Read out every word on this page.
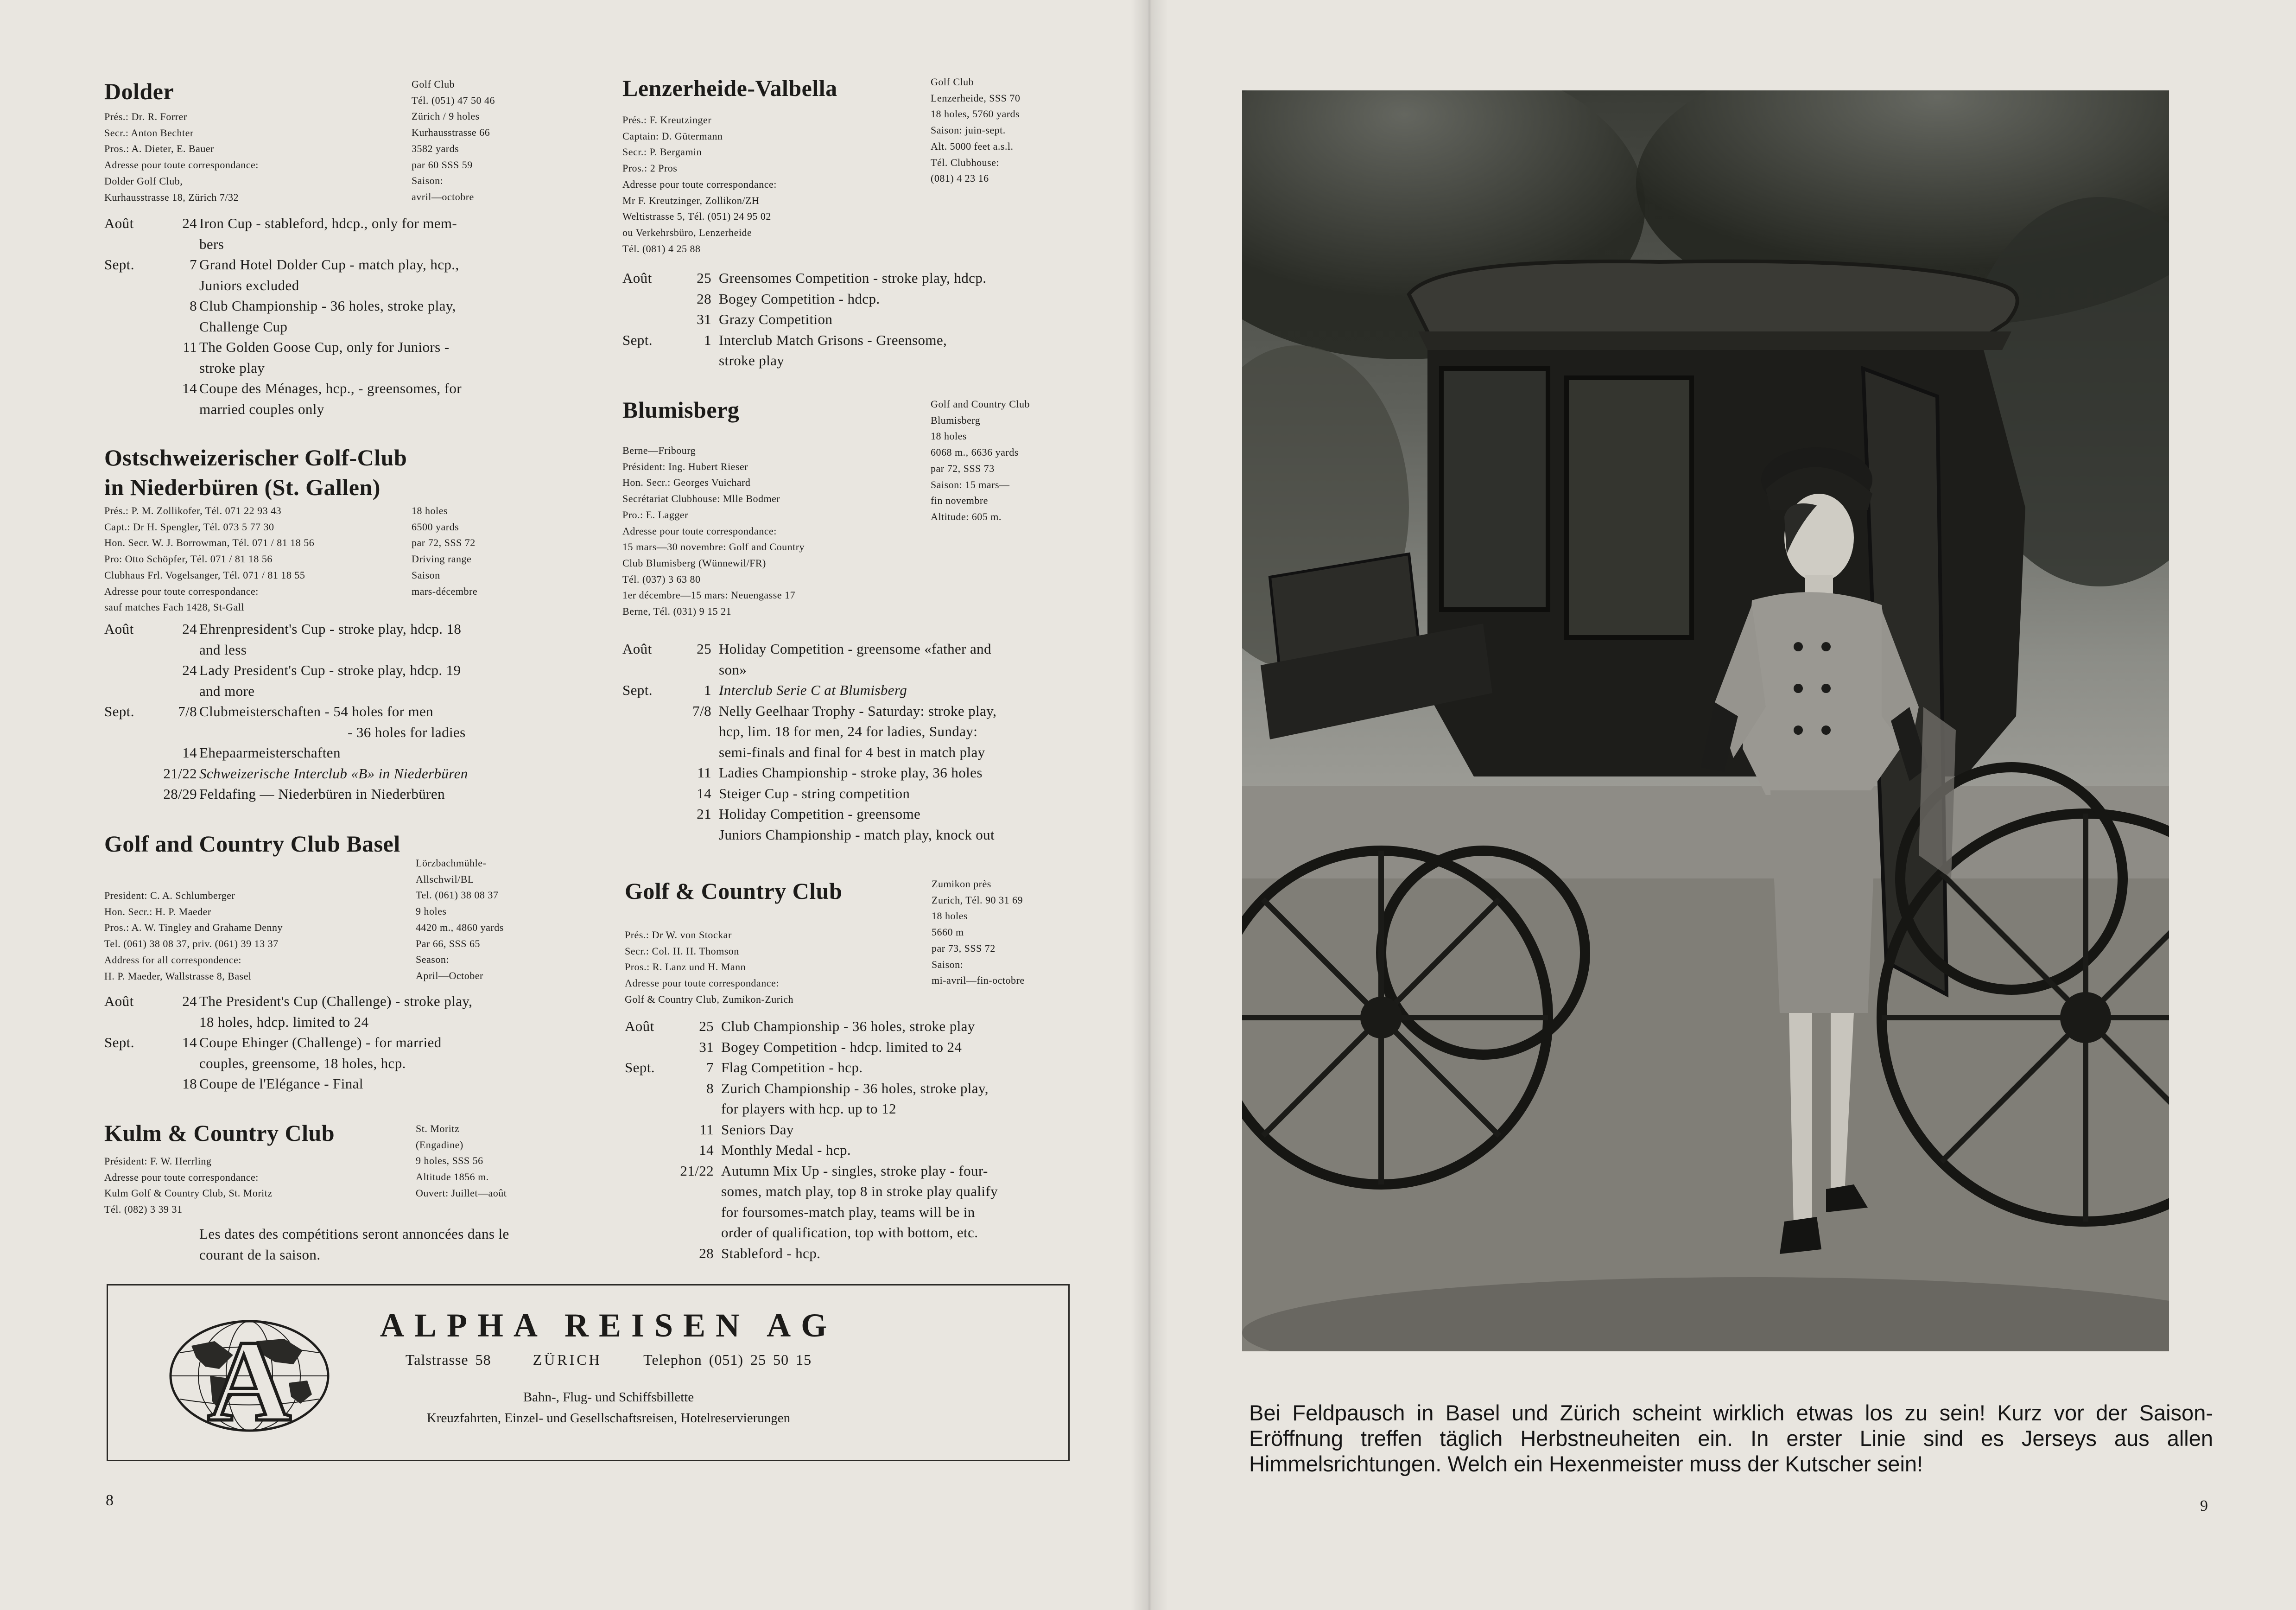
Dolder	Golf Club
Tél. (051) 47 50 46
Zürich / 9 holes
Kurhausstrasse 66
3582 yards
par 60 SSS 59
Saison:
avril—octobre
Prés.: Dr. R. Forrer
Secr.: Anton Bechter
Pros.: A. Dieter, E. Bauer
Adresse pour toute correspondance:
Dolder Golf Club,
Kurhausstrasse 18, Zürich 7/32
Août	24 Iron Cup - stableford, hdcp., only for mem-
bers
Sept.	7 Grand Hotel Dolder Cup - match play, hcp.,
Juniors excluded
8 Club Championship - 36 holes, stroke play,
Challenge Cup
11 The Golden Goose Cup, only for Juniors -
stroke play
14 Coupe des Ménages, hcp., - greensomes, for
married couples only
Ostschweizerischer Golf-Club
in Niederbüren (St. Gallen)
Prés.: P. M. Zollikofer, Tél. 071 22 93 43
Capt.: Dr H. Spengler, Tél. 073 5 77 30
Hon. Secr. W. J. Borrowman, Tél. 071 / 81 18 56
Pro: Otto Schöpfer, Tél. 071 / 81 18 56
Clubhaus Frl. Vogelsanger, Tél. 071 / 81 18 55
Adresse pour toute correspondance:
sauf matches Fach 1428, St-Gall
18 holes
6500 yards
par 72, SSS 72
Driving range
Saison
mars-décembre
Août	24 Ehrenpresident's Cup - stroke play, hdcp. 18
and less
24 Lady President's Cup - stroke play, hdcp. 19
and more
Sept.	7/8 Clubmeisterschaften - 54 holes for men
- 36 holes for ladies
14 Ehepaarmeisterschaften
21/22 Schweizerische Interclub «B» in Niederbüren
28/29 Feldafing — Niederbüren in Niederbüren
Golf and Country Club Basel
Lörzbachmühle-
Allschwil/BL
Tel. (061) 38 08 37
9 holes
4420 m., 4860 yards
Par 66, SSS 65
Season:
April—October
President: C. A. Schlumberger
Hon. Secr.: H. P. Maeder
Pros.: A. W. Tingley and Grahame Denny
Tel. (061) 38 08 37, priv. (061) 39 13 37
Address for all correspondence:
H. P. Maeder, Wallstrasse 8, Basel
Août	24 The President's Cup (Challenge) - stroke play,
18 holes, hdcp. limited to 24
Sept.	14 Coupe Ehinger (Challenge) - for married
couples, greensome, 18 holes, hcp.
18 Coupe de l'Elégance - Final
Kulm & Country Club	St. Moritz
(Engadine)
9 holes, SSS 56
Altitude 1856 m.
Ouvert: Juillet—août
Président: F. W. Herrling
Adresse pour toute correspondance:
Kulm Golf & Country Club, St. Moritz
Tél. (082) 3 39 31
Les dates des compétitions seront annoncées dans le
courant de la saison.
Lenzerheide-Valbella	Golf Club
Lenzerheide, SSS 70
18 holes, 5760 yards
Saison: juin-sept.
Alt. 5000 feet a.s.l.
Tél. Clubhouse:
(081) 4 23 16
Prés.: F. Kreutzinger
Captain: D. Gütermann
Secr.: P. Bergamin
Pros.: 2 Pros
Adresse pour toute correspondance:
Mr F. Kreutzinger, Zollikon/ZH
Weltistrasse 5, Tél. (051) 24 95 02
ou Verkehrsbüro, Lenzerheide
Tél. (081) 4 25 88
Août	25 Greensomes Competition - stroke play, hdcp.
28 Bogey Competition - hdcp.
31 Grazy Competition
Sept.	1 Interclub Match Grisons - Greensome,
stroke play
Blumisberg	Golf and Country Club
Blumisberg
18 holes
6068 m., 6636 yards
par 72, SSS 73
Saison: 15 mars—
fin novembre
Altitude: 605 m.
Berne—Fribourg
Président: Ing. Hubert Rieser
Hon. Secr.: Georges Vuichard
Secrétariat Clubhouse: Mlle Bodmer
Pro.: E. Lagger
Adresse pour toute correspondance:
15 mars—30 novembre: Golf and Country
Club Blumisberg (Wünnewil/FR)
Tél. (037) 3 63 80
1er décembre—15 mars: Neuengasse 17
Berne, Tél. (031) 9 15 21
Août	25 Holiday Competition - greensome «father and
son»
Sept.	1 Interclub Serie C at Blumisberg
7/8 Nelly Geelhaar Trophy - Saturday: stroke play,
hcp, lim. 18 for men, 24 for ladies, Sunday:
semi-finals and final for 4 best in match play
11 Ladies Championship - stroke play, 36 holes
14 Steiger Cup - string competition
21 Holiday Competition - greensome
Juniors Championship - match play, knock out
Golf & Country Club	Zumikon près
Zurich, Tél. 90 31 69
18 holes
5660 m
par 73, SSS 72
Saison:
mi-avril—fin-octobre
Prés.: Dr W. von Stockar
Secr.: Col. H. H. Thomson
Pros.: R. Lanz und H. Mann
Adresse pour toute correspondance:
Golf & Country Club, Zumikon-Zurich
Août	25 Club Championship - 36 holes, stroke play
31 Bogey Competition - hdcp. limited to 24
Sept.	7 Flag Competition - hcp.
8 Zurich Championship - 36 holes, stroke play,
for players with hcp. up to 12
11 Seniors Day
14 Monthly Medal - hcp.
21/22 Autumn Mix Up - singles, stroke play - four-
somes, match play, top 8 in stroke play qualify
for foursomes-match play, teams will be in
order of qualification, top with bottom, etc.
28 Stableford - hcp.
A	ALPHA REISEN AG
Talstrasse 58	ZÜRICH	Telephon (051) 25 50 15
Bahn-, Flug- und Schiffsbillette
Kreuzfahrten, Einzel- und Gesellschaftsreisen, Hotelreservierungen
8	9
Bei Feldpausch in Basel und Zürich scheint wirklich etwas los zu sein! Kurz vor der Saison-Eröffnung treffen täglich Herbstneuheiten ein. In erster Linie sind es Jerseys aus allen Himmelsrichtungen. Welch ein Hexenmeister muss der Kutscher sein!
